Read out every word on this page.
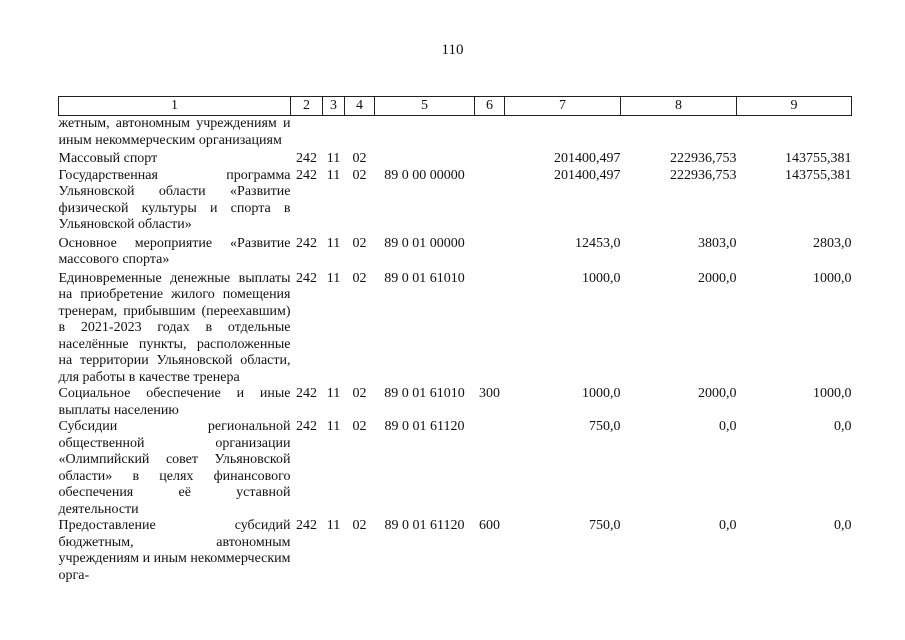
110
1	2	3	4	5	6	7	8	9
жетным, автономным учреждениям и иным некоммерческим организациям								
Массовый спорт	242	11	02			201400,497	222936,753	143755,381
Государственная программа Ульяновской области «Развитие физической культуры и спорта в Ульяновской области»	242	11	02	89 0 00 00000		201400,497	222936,753	143755,381
Основное мероприятие «Развитие массового спорта»	242	11	02	89 0 01 00000		12453,0	3803,0	2803,0
Единовременные денежные выплаты на приобретение жилого помещения тренерам, прибывшим (переехавшим) в 2021-2023 годах в отдельные населённые пункты, расположенные на территории Ульяновской области, для работы в качестве тренера	242	11	02	89 0 01 61010		1000,0	2000,0	1000,0
Социальное обеспечение и иные выплаты населению	242	11	02	89 0 01 61010	300	1000,0	2000,0	1000,0
Субсидии региональной общественной организации «Олимпийский совет Ульяновской области» в целях финансового обеспечения её уставной деятельности	242	11	02	89 0 01 61120		750,0	0,0	0,0
Предоставление субсидий бюджетным, автономным учреждениям и иным некоммерческим орга-	242	11	02	89 0 01 61120	600	750,0	0,0	0,0
